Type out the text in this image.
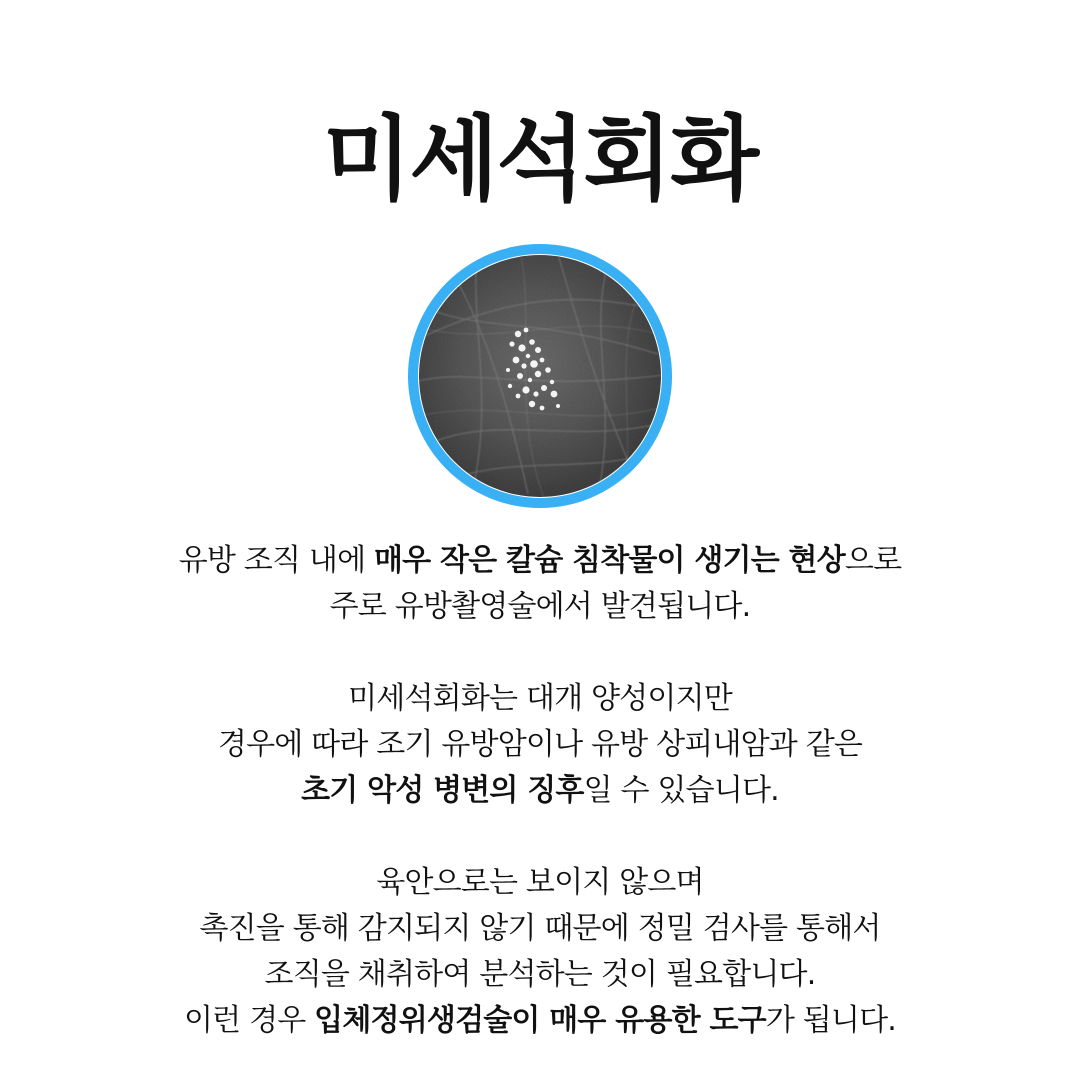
미세석회화

유방 조직 내에 매우 작은 칼슘 침착물이 생기는 현상으로
주로 유방촬영술에서 발견됩니다.

미세석회화는 대개 양성이지만
경우에 따라 조기 유방암이나 유방 상피내암과 같은
초기 악성 병변의 징후일 수 있습니다.

육안으로는 보이지 않으며
촉진을 통해 감지되지 않기 때문에 정밀 검사를 통해서
조직을 채취하여 분석하는 것이 필요합니다.
이런 경우 입체정위생검술이 매우 유용한 도구가 됩니다.
